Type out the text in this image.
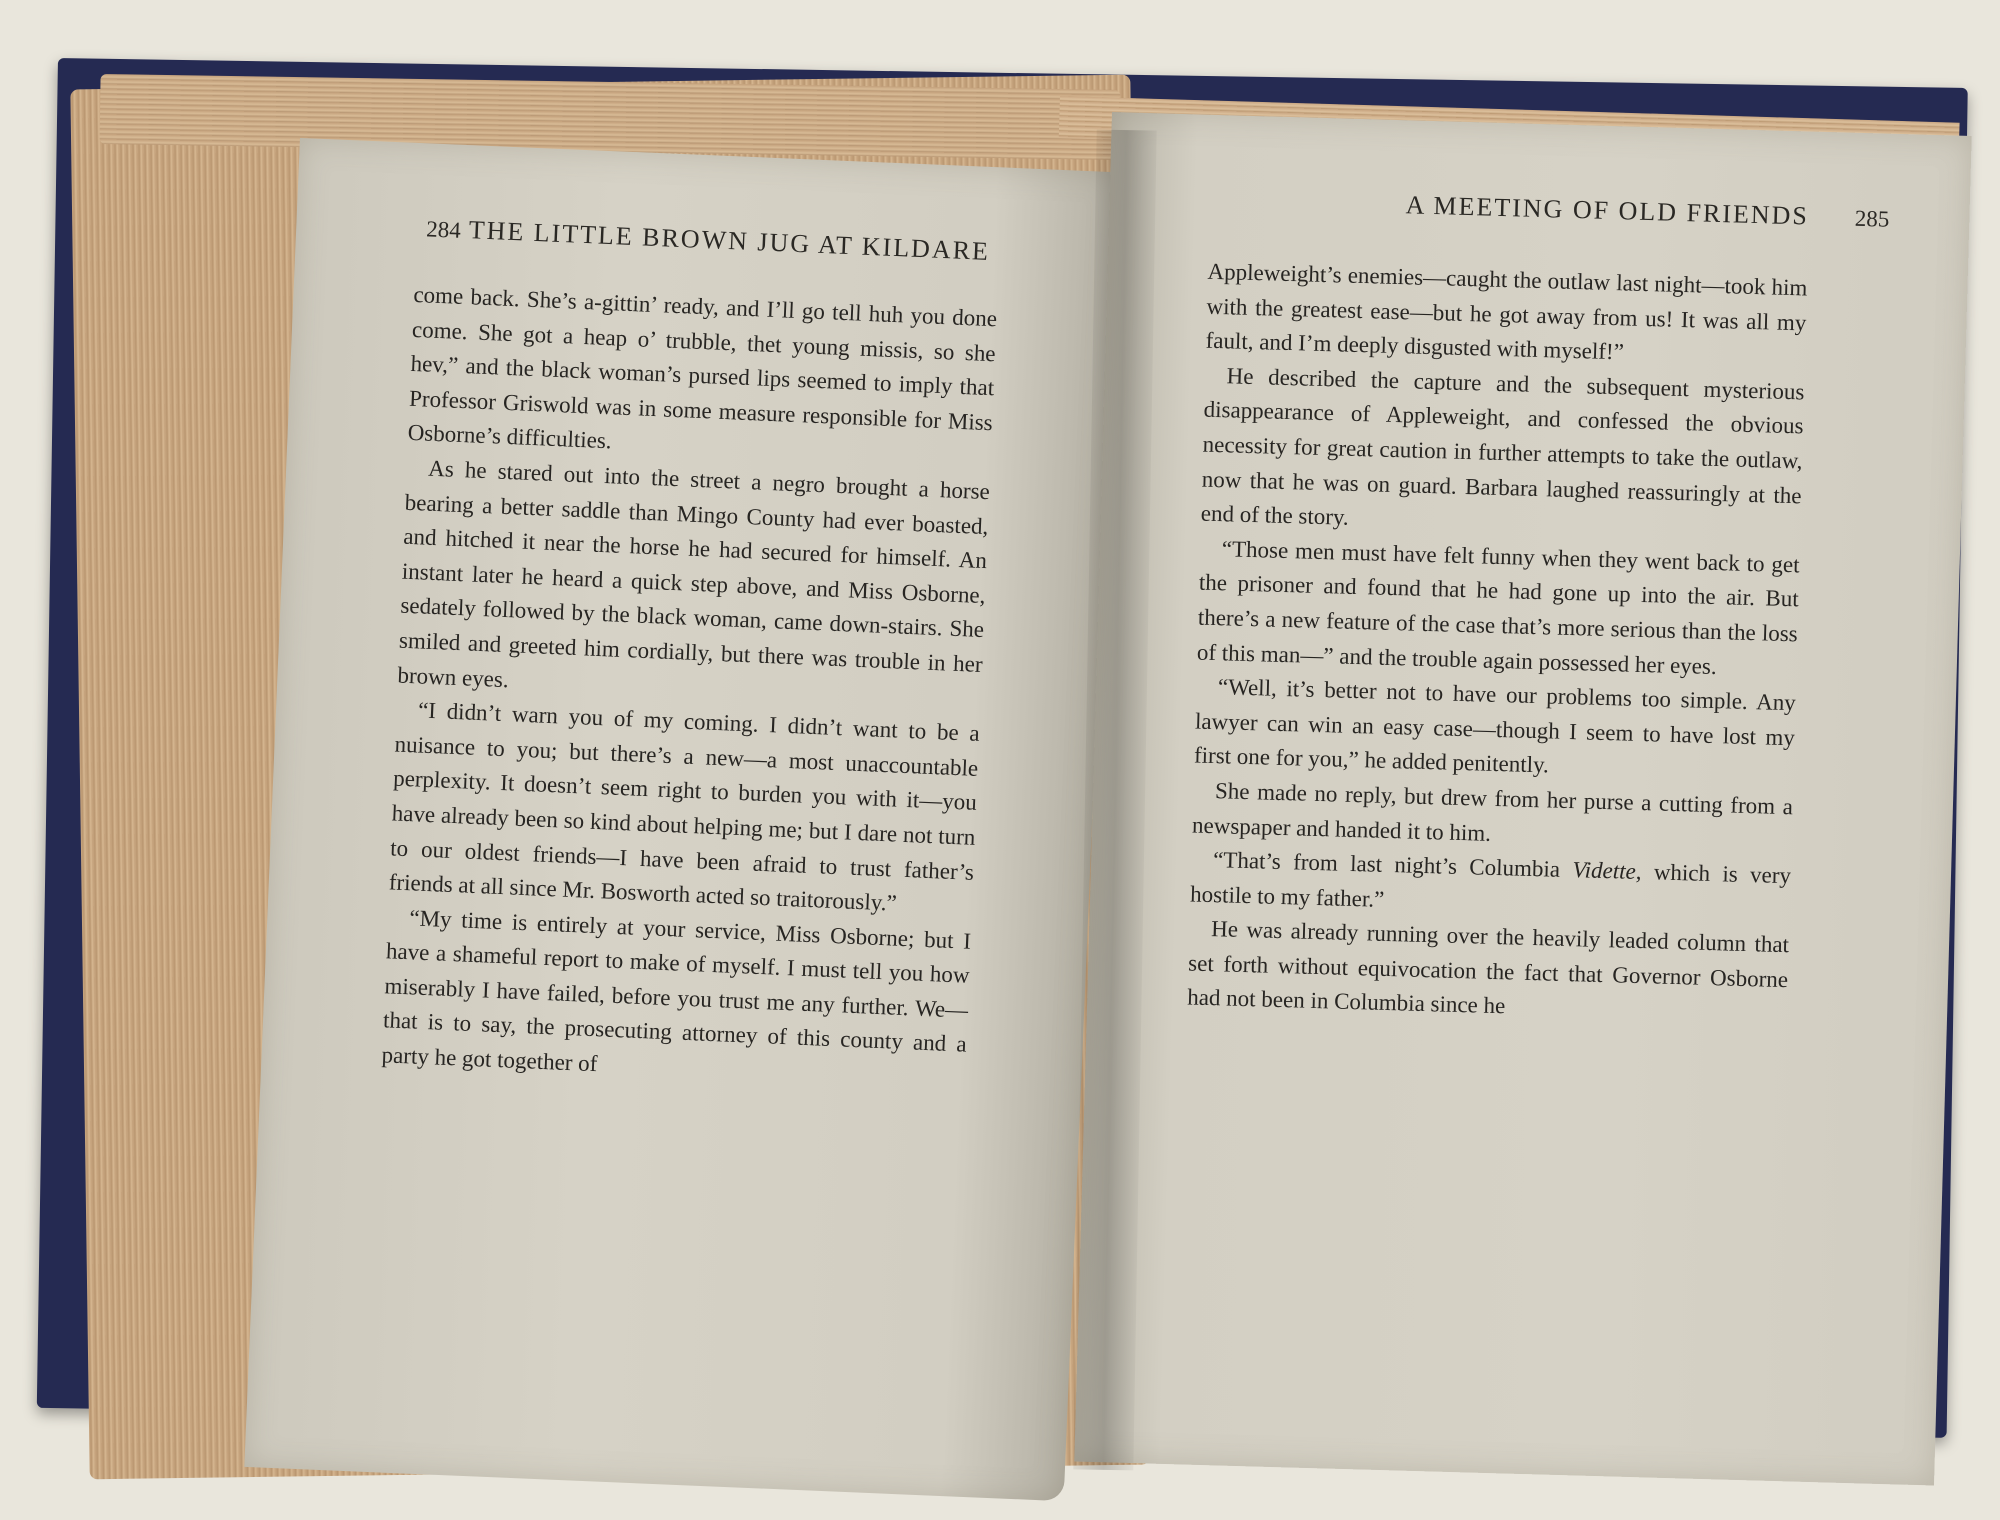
284 THE LITTLE BROWN JUG AT KILDARE

come back. She’s a-gittin’ ready, and I’ll go tell huh you done come. She got a heap o’ trubble, thet young missis, so she hev,” and the black woman’s pursed lips seemed to imply that Professor Griswold was in some measure responsible for Miss Osborne’s difficulties.

As he stared out into the street a negro brought a horse bearing a better saddle than Mingo County had ever boasted, and hitched it near the horse he had secured for himself. An instant later he heard a quick step above, and Miss Osborne, sedately followed by the black woman, came down-stairs. She smiled and greeted him cordially, but there was trouble in her brown eyes.

“I didn’t warn you of my coming. I didn’t want to be a nuisance to you; but there’s a new—a most unaccountable perplexity. It doesn’t seem right to burden you with it—you have already been so kind about helping me; but I dare not turn to our oldest friends—I have been afraid to trust father’s friends at all since Mr. Bosworth acted so traitorously.”

“My time is entirely at your service, Miss Osborne; but I have a shameful report to make of myself. I must tell you how miserably I have failed, before you trust me any further. We—that is to say, the prosecuting attorney of this county and a party he got together of

A MEETING OF OLD FRIENDS 285

Appleweight’s enemies—caught the outlaw last night—took him with the greatest ease—but he got away from us! It was all my fault, and I’m deeply disgusted with myself!”

He described the capture and the subsequent mysterious disappearance of Appleweight, and confessed the obvious necessity for great caution in further attempts to take the outlaw, now that he was on guard. Barbara laughed reassuringly at the end of the story.

“Those men must have felt funny when they went back to get the prisoner and found that he had gone up into the air. But there’s a new feature of the case that’s more serious than the loss of this man—” and the trouble again possessed her eyes.

“Well, it’s better not to have our problems too simple. Any lawyer can win an easy case—though I seem to have lost my first one for you,” he added penitently.

She made no reply, but drew from her purse a cutting from a newspaper and handed it to him.

“That’s from last night’s Columbia Vidette, which is very hostile to my father.”

He was already running over the heavily leaded column that set forth without equivocation the fact that Governor Osborne had not been in Columbia since he
